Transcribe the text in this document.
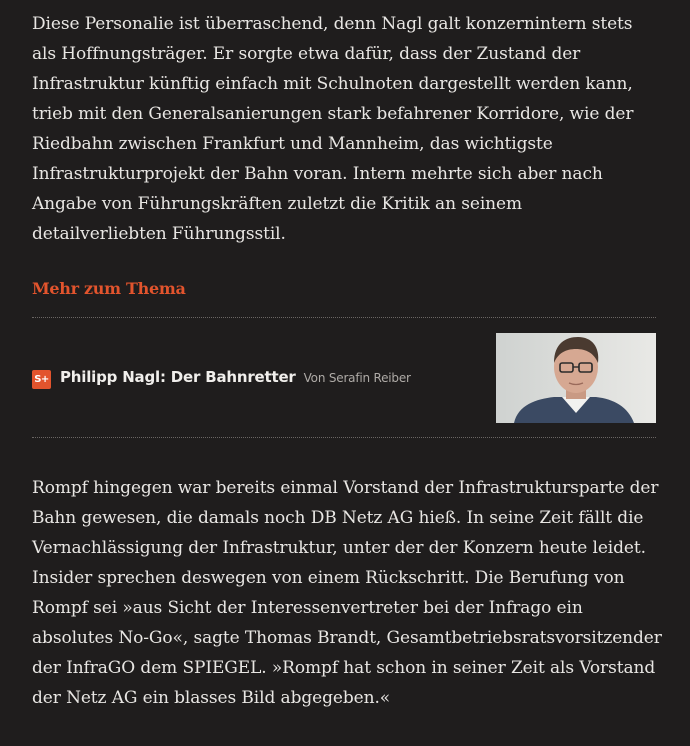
Diese Personalie ist überraschend, denn Nagl galt konzernintern stets als Hoffnungsträger. Er sorgte etwa dafür, dass der Zustand der Infrastruktur künftig einfach mit Schulnoten dargestellt werden kann, trieb mit den Generalsanierungen stark befahrener Korridore, wie der Riedbahn zwischen Frankfurt und Mannheim, das wichtigste Infrastrukturprojekt der Bahn voran. Intern mehrte sich aber nach Angabe von Führungskräften zuletzt die Kritik an seinem detailverliebten Führungsstil.

Mehr zum Thema
S+ Philipp Nagl: Der Bahnretter Von Serafin Reiber

Rompf hingegen war bereits einmal Vorstand der Infrastruktursparte der Bahn gewesen, die damals noch DB Netz AG hieß. In seine Zeit fällt die Vernachlässigung der Infrastruktur, unter der der Konzern heute leidet. Insider sprechen deswegen von einem Rückschritt. Die Berufung von Rompf sei »aus Sicht der Interessenvertreter bei der Infrago ein absolutes No-Go«, sagte Thomas Brandt, Gesamtbetriebsratsvorsitzender der InfraGO dem SPIEGEL. »Rompf hat schon in seiner Zeit als Vorstand der Netz AG ein blasses Bild abgegeben.«
